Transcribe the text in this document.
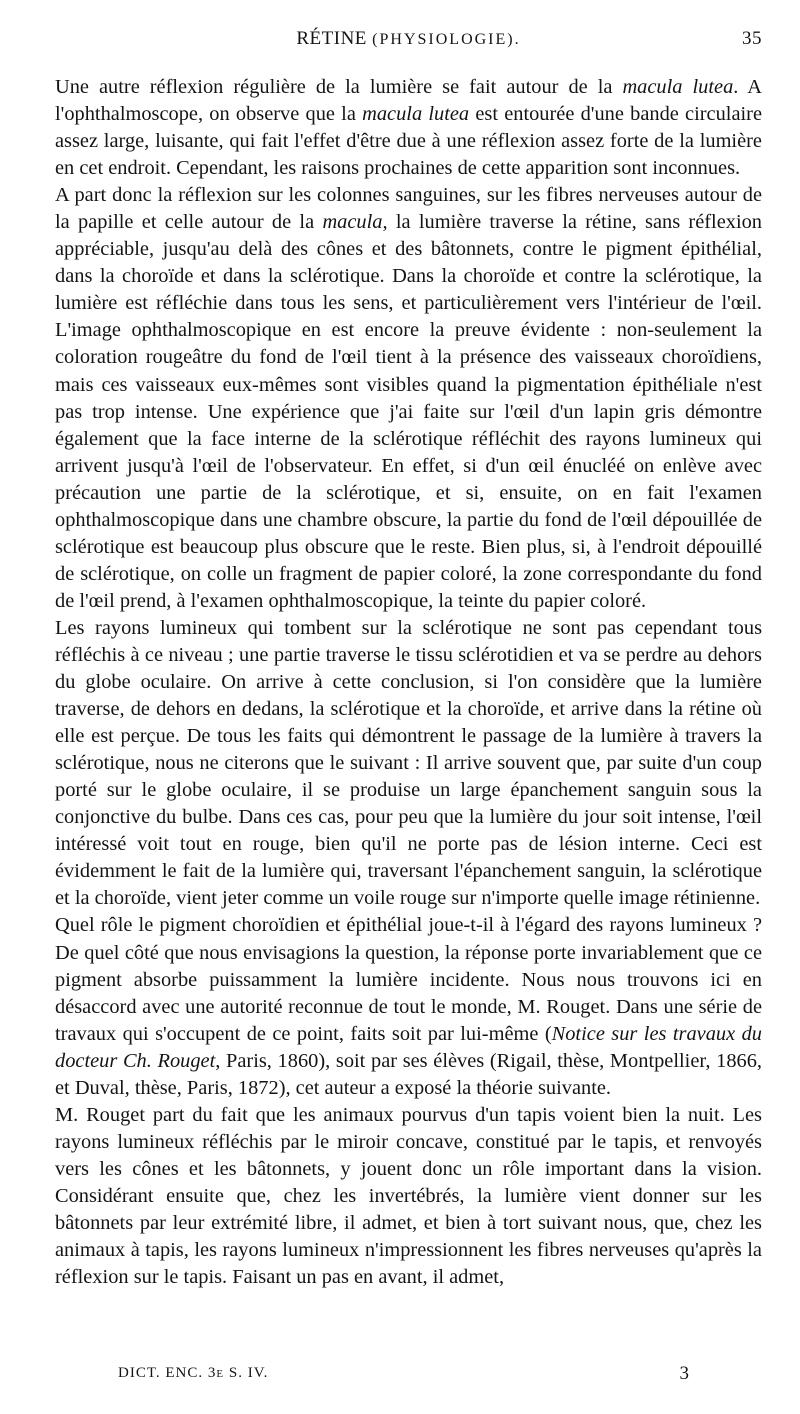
RÉTINE (PHYSIOLOGIE).	35

Une autre réflexion régulière de la lumière se fait autour de la macula lutea. A l'ophthalmoscope, on observe que la macula lutea est entourée d'une bande circulaire assez large, luisante, qui fait l'effet d'être due à une réflexion assez forte de la lumière en cet endroit. Cependant, les raisons prochaines de cette apparition sont inconnues.

A part donc la réflexion sur les colonnes sanguines, sur les fibres nerveuses autour de la papille et celle autour de la macula, la lumière traverse la rétine, sans réflexion appréciable, jusqu'au delà des cônes et des bâtonnets, contre le pigment épithélial, dans la choroïde et dans la sclérotique. Dans la choroïde et contre la sclérotique, la lumière est réfléchie dans tous les sens, et particulièrement vers l'intérieur de l'œil. L'image ophthalmoscopique en est encore la preuve évidente : non-seulement la coloration rougeâtre du fond de l'œil tient à la présence des vaisseaux choroïdiens, mais ces vaisseaux eux-mêmes sont visibles quand la pigmentation épithéliale n'est pas trop intense. Une expérience que j'ai faite sur l'œil d'un lapin gris démontre également que la face interne de la sclérotique réfléchit des rayons lumineux qui arrivent jusqu'à l'œil de l'observateur. En effet, si d'un œil énucléé on enlève avec précaution une partie de la sclérotique, et si, ensuite, on en fait l'examen ophthalmoscopique dans une chambre obscure, la partie du fond de l'œil dépouillée de sclérotique est beaucoup plus obscure que le reste. Bien plus, si, à l'endroit dépouillé de sclérotique, on colle un fragment de papier coloré, la zone correspondante du fond de l'œil prend, à l'examen ophthalmoscopique, la teinte du papier coloré.

Les rayons lumineux qui tombent sur la sclérotique ne sont pas cependant tous réfléchis à ce niveau ; une partie traverse le tissu sclérotidien et va se perdre au dehors du globe oculaire. On arrive à cette conclusion, si l'on considère que la lumière traverse, de dehors en dedans, la sclérotique et la choroïde, et arrive dans la rétine où elle est perçue. De tous les faits qui démontrent le passage de la lumière à travers la sclérotique, nous ne citerons que le suivant : Il arrive souvent que, par suite d'un coup porté sur le globe oculaire, il se produise un large épanchement sanguin sous la conjonctive du bulbe. Dans ces cas, pour peu que la lumière du jour soit intense, l'œil intéressé voit tout en rouge, bien qu'il ne porte pas de lésion interne. Ceci est évidemment le fait de la lumière qui, traversant l'épanchement sanguin, la sclérotique et la choroïde, vient jeter comme un voile rouge sur n'importe quelle image rétinienne.

Quel rôle le pigment choroïdien et épithélial joue-t-il à l'égard des rayons lumineux ? De quel côté que nous envisagions la question, la réponse porte invariablement que ce pigment absorbe puissamment la lumière incidente. Nous nous trouvons ici en désaccord avec une autorité reconnue de tout le monde, M. Rouget. Dans une série de travaux qui s'occupent de ce point, faits soit par lui-même (Notice sur les travaux du docteur Ch. Rouget, Paris, 1860), soit par ses élèves (Rigail, thèse, Montpellier, 1866, et Duval, thèse, Paris, 1872), cet auteur a exposé la théorie suivante.

M. Rouget part du fait que les animaux pourvus d'un tapis voient bien la nuit. Les rayons lumineux réfléchis par le miroir concave, constitué par le tapis, et renvoyés vers les cônes et les bâtonnets, y jouent donc un rôle important dans la vision. Considérant ensuite que, chez les invertébrés, la lumière vient donner sur les bâtonnets par leur extrémité libre, il admet, et bien à tort suivant nous, que, chez les animaux à tapis, les rayons lumineux n'impressionnent les fibres nerveuses qu'après la réflexion sur le tapis. Faisant un pas en avant, il admet,

DICT. ENC. 3e S. IV.	3
